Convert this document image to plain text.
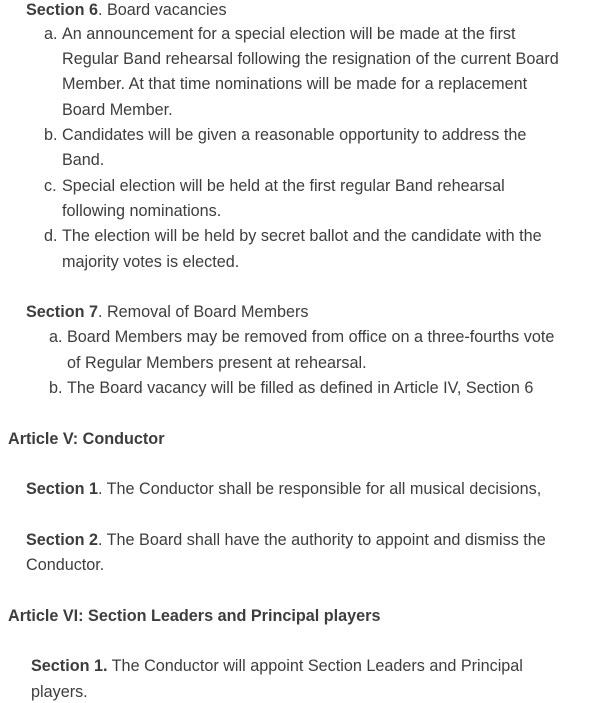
Section 6. Board vacancies
a. An announcement for a special election will be made at the first
Regular Band rehearsal following the resignation of the current Board
Member. At that time nominations will be made for a replacement
Board Member.
b. Candidates will be given a reasonable opportunity to address the
Band.
c. Special election will be held at the first regular Band rehearsal
following nominations.
d. The election will be held by secret ballot and the candidate with the
majority votes is elected.
Section 7. Removal of Board Members
a. Board Members may be removed from office on a three-fourths vote
of Regular Members present at rehearsal.
b. The Board vacancy will be filled as defined in Article IV, Section 6
Article V: Conductor
Section 1. The Conductor shall be responsible for all musical decisions,
Section 2. The Board shall have the authority to appoint and dismiss the
Conductor.
Article VI: Section Leaders and Principal players
Section 1. The Conductor will appoint Section Leaders and Principal
players.
